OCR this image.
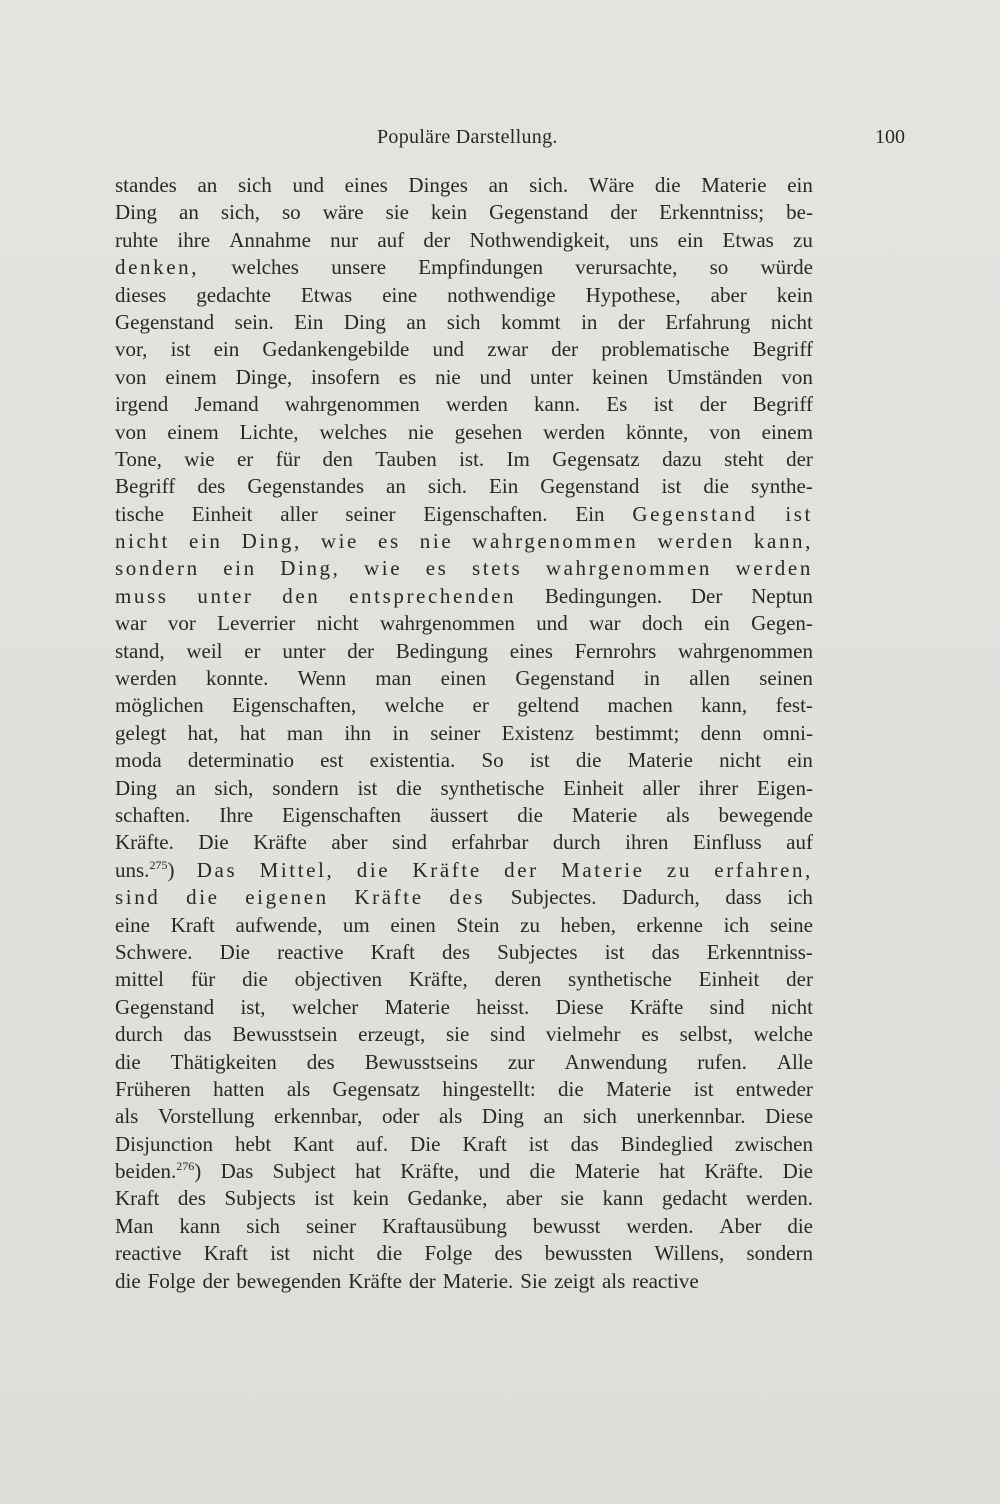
Populäre Darstellung.	100
standes an sich und eines Dinges an sich. Wäre die Materie ein
Ding an sich, so wäre sie kein Gegenstand der Erkenntniss; be-
ruhte ihre Annahme nur auf der Nothwendigkeit, uns ein Etwas zu
denken, welches unsere Empfindungen verursachte, so würde
dieses gedachte Etwas eine nothwendige Hypothese, aber kein
Gegenstand sein. Ein Ding an sich kommt in der Erfahrung nicht
vor, ist ein Gedankengebilde und zwar der problematische Begriff
von einem Dinge, insofern es nie und unter keinen Umständen von
irgend Jemand wahrgenommen werden kann. Es ist der Begriff
von einem Lichte, welches nie gesehen werden könnte, von einem
Tone, wie er für den Tauben ist. Im Gegensatz dazu steht der
Begriff des Gegenstandes an sich. Ein Gegenstand ist die synthe-
tische Einheit aller seiner Eigenschaften. Ein Gegenstand ist
nicht ein Ding, wie es nie wahrgenommen werden kann,
sondern ein Ding, wie es stets wahrgenommen werden
muss unter den entsprechenden Bedingungen. Der Neptun
war vor Leverrier nicht wahrgenommen und war doch ein Gegen-
stand, weil er unter der Bedingung eines Fernrohrs wahrgenommen
werden konnte. Wenn man einen Gegenstand in allen seinen
möglichen Eigenschaften, welche er geltend machen kann, fest-
gelegt hat, hat man ihn in seiner Existenz bestimmt; denn omni-
moda determinatio est existentia. So ist die Materie nicht ein
Ding an sich, sondern ist die synthetische Einheit aller ihrer Eigen-
schaften. Ihre Eigenschaften äussert die Materie als bewegende
Kräfte. Die Kräfte aber sind erfahrbar durch ihren Einfluss auf
uns.$^{275}$) Das Mittel, die Kräfte der Materie zu erfahren,
sind die eigenen Kräfte des Subjectes. Dadurch, dass ich
eine Kraft aufwende, um einen Stein zu heben, erkenne ich seine
Schwere. Die reactive Kraft des Subjectes ist das Erkenntniss-
mittel für die objectiven Kräfte, deren synthetische Einheit der
Gegenstand ist, welcher Materie heisst. Diese Kräfte sind nicht
durch das Bewusstsein erzeugt, sie sind vielmehr es selbst, welche
die Thätigkeiten des Bewusstseins zur Anwendung rufen. Alle
Früheren hatten als Gegensatz hingestellt: die Materie ist entweder
als Vorstellung erkennbar, oder als Ding an sich unerkennbar. Diese
Disjunction hebt Kant auf. Die Kraft ist das Bindeglied zwischen
beiden.$^{276}$) Das Subject hat Kräfte, und die Materie hat Kräfte. Die
Kraft des Subjects ist kein Gedanke, aber sie kann gedacht werden.
Man kann sich seiner Kraftausübung bewusst werden. Aber die
reactive Kraft ist nicht die Folge des bewussten Willens, sondern
die Folge der bewegenden Kräfte der Materie. Sie zeigt als reactive
